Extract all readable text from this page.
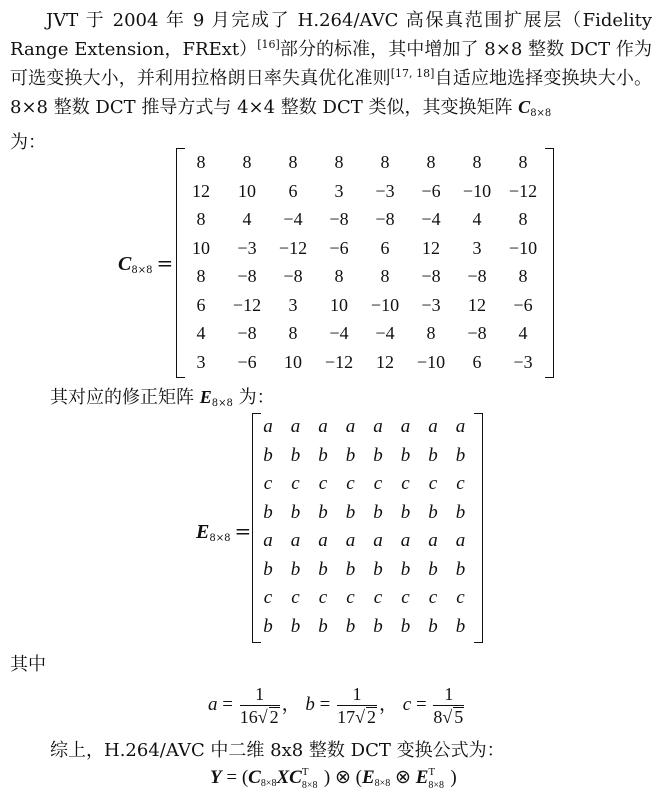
JVT 于 2004 年 9 月完成了 H.264/AVC 高保真范围扩展层（Fidelity Range Extension，FRExt）[16]部分的标准，其中增加了 8×8 整数 DCT 作为可选变换大小，并利用拉格朗日率失真优化准则[17, 18]自适应地选择变换块大小。8×8 整数 DCT 推导方式与 4×4 整数 DCT 类似，其变换矩阵 $C_{8\times 8}$
为：
$C_{8\times 8}$ =
8	8	8	8	8	8	8	8
12	10	6	3	−3	−6	−10 −12
8	4	−4	−8	−8	−4	4	8
10	−3	−12	−6	6	12	3	−10
8	−8	−8	8	8	−8	−8	8
6	−12	3	10	−10	−3	12	−6
4	−8	8	−4	−4	8	−8	4
3	−6	10	−12	12	−10	6	−3
其对应的修正矩阵 $E_{8\times 8}$ 为：
$E_{8\times 8}$ =
a a a a a a a a
b b b b b b b b
c	c	c	c	c	c	c	c
b b b b b b b b
a a a a a a a a
b b b b b b b b
c	c	c	c	c	c	c	c
b b b b b b b b
其中
$a = \frac{1}{16√ 2}$ ， $b = \frac{1}{17√ 2}$ ， $c = \frac{1}{8√ 5}$
综上，H.264/AVC 中二维 8x8 整数 DCT 变换公式为：
$Y = (C_{8\times 8}XC$ T
8×8 ) ⊗ ($E_{8\times 8}$ ⊗ E T
8×8 )
